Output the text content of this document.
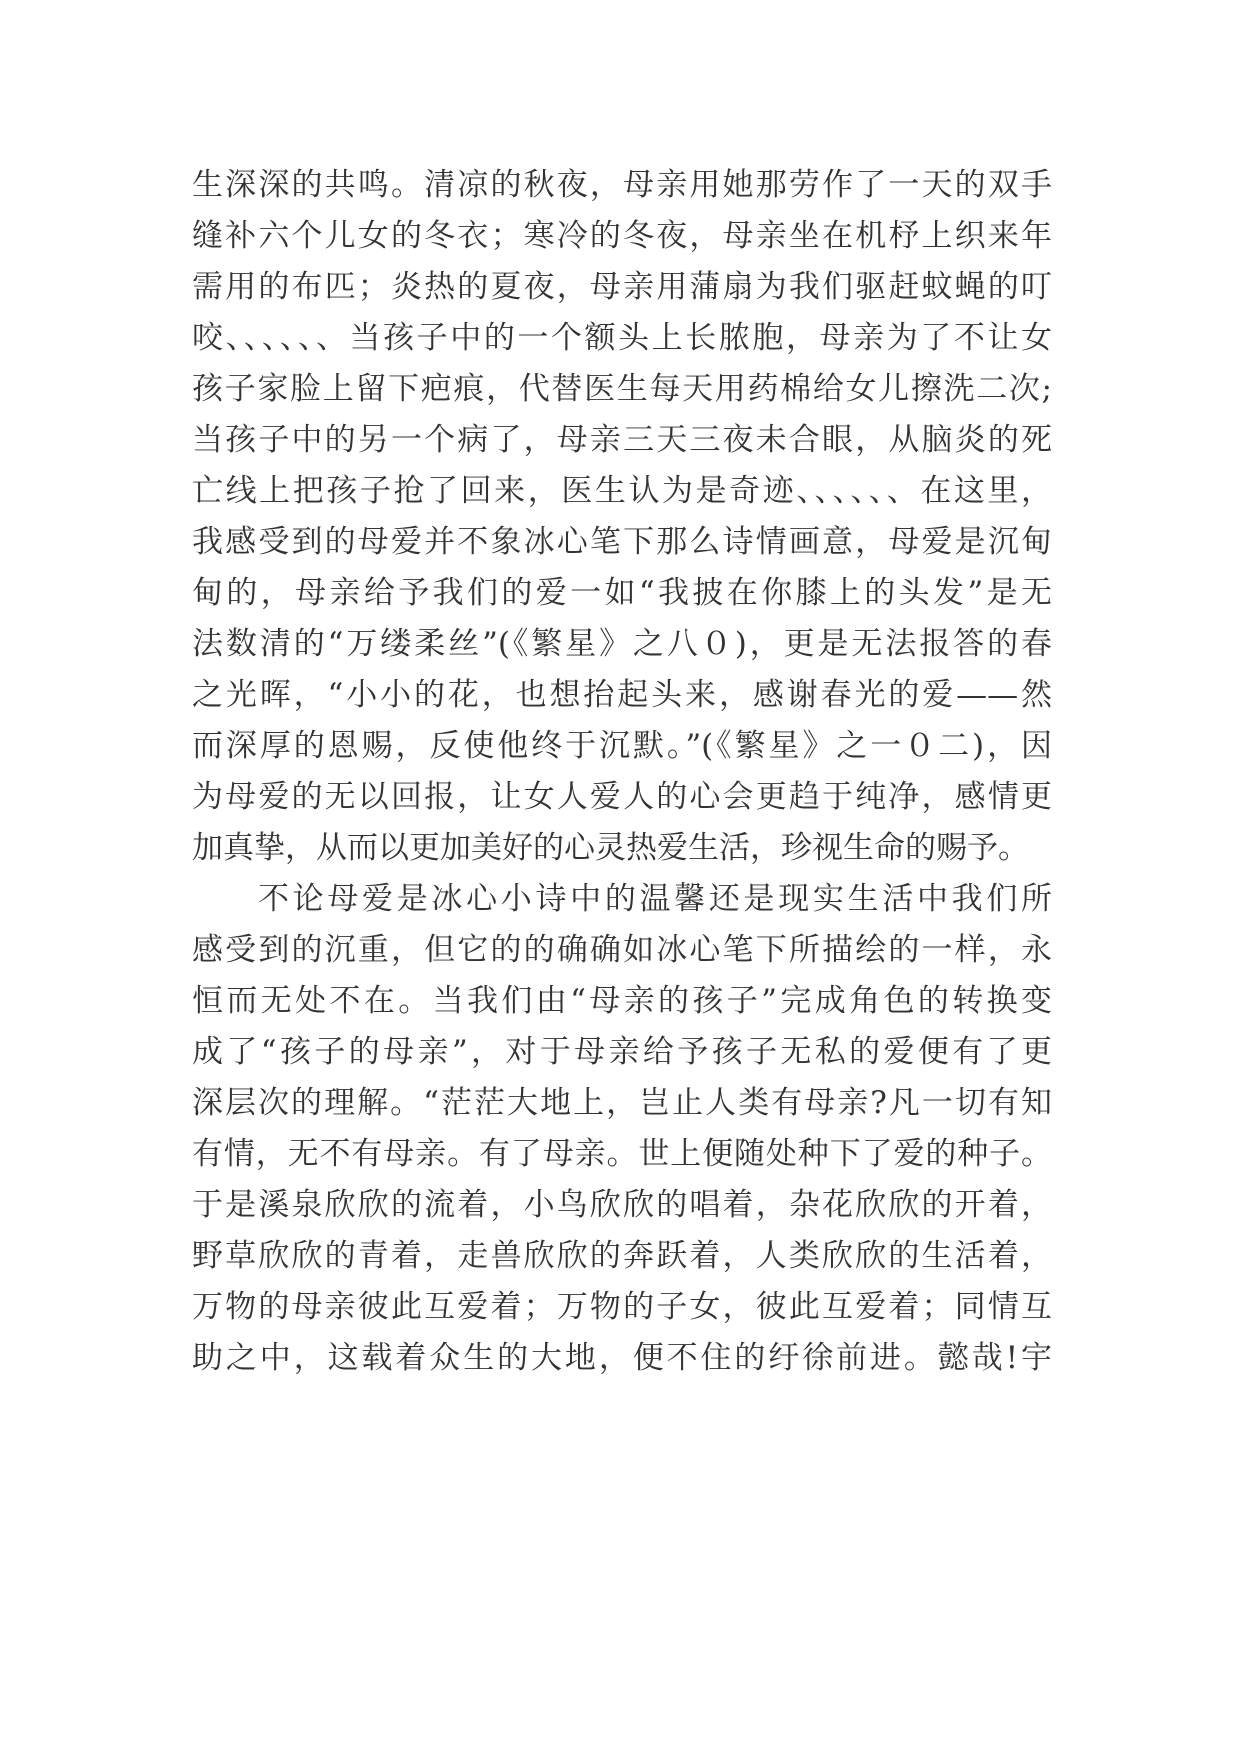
生深深的共鸣。清凉的秋夜，母亲用她那劳作了一天的双手
缝补六个儿女的冬衣；寒冷的冬夜，母亲坐在机杼上织来年
需用的布匹；炎热的夏夜，母亲用蒲扇为我们驱赶蚊蝇的叮
咬、、、、、、当孩子中的一个额头上长脓胞，母亲为了不让女
孩子家脸上留下疤痕，代替医生每天用药棉给女儿擦洗二次;
当孩子中的另一个病了，母亲三天三夜未合眼，从脑炎的死
亡线上把孩子抢了回来，医生认为是奇迹、、、、、、在这里，
我感受到的母爱并不象冰心笔下那么诗情画意，母爱是沉甸
甸的，母亲给予我们的爱一如“我披在你膝上的头发”是无
法数清的“万缕柔丝”(《繁星》之八０)，更是无法报答的春
之光晖，“小小的花，也想抬起头来，感谢春光的爱——然
而深厚的恩赐，反使他终于沉默。”(《繁星》之一０二)，因
为母爱的无以回报，让女人爱人的心会更趋于纯净，感情更
加真挚，从而以更加美好的心灵热爱生活，珍视生命的赐予。
不论母爱是冰心小诗中的温馨还是现实生活中我们所
感受到的沉重，但它的的确确如冰心笔下所描绘的一样，永
恒而无处不在。当我们由“母亲的孩子”完成角色的转换变
成了“孩子的母亲”，对于母亲给予孩子无私的爱便有了更
深层次的理解。“茫茫大地上，岂止人类有母亲?凡一切有知
有情，无不有母亲。有了母亲。世上便随处种下了爱的种子。
于是溪泉欣欣的流着，小鸟欣欣的唱着，杂花欣欣的开着，
野草欣欣的青着，走兽欣欣的奔跃着，人类欣欣的生活着，
万物的母亲彼此互爱着；万物的子女，彼此互爱着；同情互
助之中，这载着众生的大地，便不住的纡徐前进。懿哉!宇
